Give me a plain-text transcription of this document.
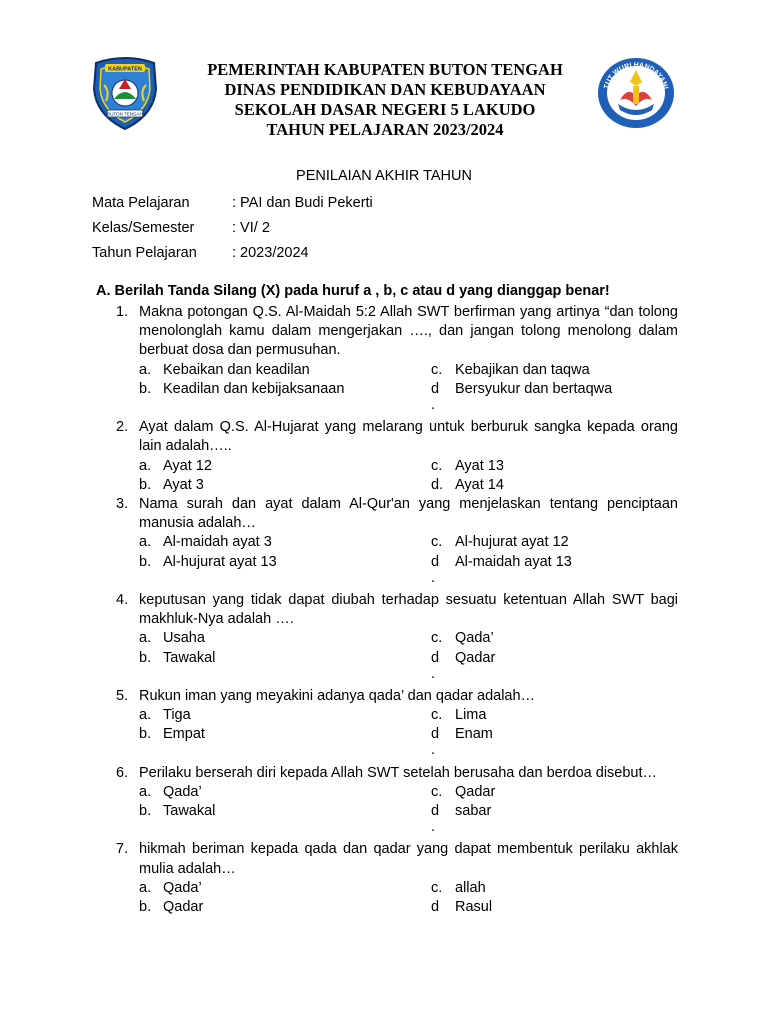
KABUPATEN
BUTON TENGAH
PEMERINTAH KABUPATEN BUTON TENGAH
DINAS PENDIDIKAN DAN KEBUDAYAAN
SEKOLAH DASAR NEGERI 5 LAKUDO
TAHUN PELAJARAN 2023/2024
TUT WURI HANDAYANI
PENILAIAN AKHIR TAHUN
Mata Pelajaran	: PAI dan Budi Pekerti
Kelas/Semester	: VI/ 2
Tahun Pelajaran : 2023/2024
A. Berilah Tanda Silang (X) pada huruf a , b, c atau d yang dianggap benar!
1. Makna potongan Q.S. Al-Maidah 5:2 Allah SWT berfirman yang artinya “dan tolong menolonglah kamu dalam mengerjakan …., dan jangan tolong menolong dalam berbuat dosa dan permusuhan.
a. Kebaikan dan keadilan	c. Kebajikan dan taqwa
b. Keadilan dan kebijaksanaan	d Bersyukur dan bertaqwa
.
2. Ayat dalam Q.S. Al-Hujarat yang melarang untuk berburuk sangka kepada orang lain adalah…..
a. Ayat 12	c. Ayat 13
b. Ayat 3	d. Ayat 14
3. Nama surah dan ayat dalam Al-Qur'an yang menjelaskan tentang penciptaan manusia adalah…
a. Al-maidah ayat 3	c. Al-hujurat ayat 12
b. Al-hujurat ayat 13	d Al-maidah ayat 13
.
4. keputusan yang tidak dapat diubah terhadap sesuatu ketentuan Allah SWT bagi makhluk-Nya adalah ….
a. Usaha	c. Qada’
b. Tawakal	d Qadar
.
5. Rukun iman yang meyakini adanya qada’ dan qadar adalah…
a. Tiga	c. Lima
b. Empat	d Enam
.
6. Perilaku berserah diri kepada Allah SWT setelah berusaha dan berdoa disebut…
a. Qada’	c. Qadar
b. Tawakal	d sabar
.
7. hikmah beriman kepada qada dan qadar yang dapat membentuk perilaku akhlak mulia adalah…
a. Qada’	c. allah
b. Qadar	d Rasul
